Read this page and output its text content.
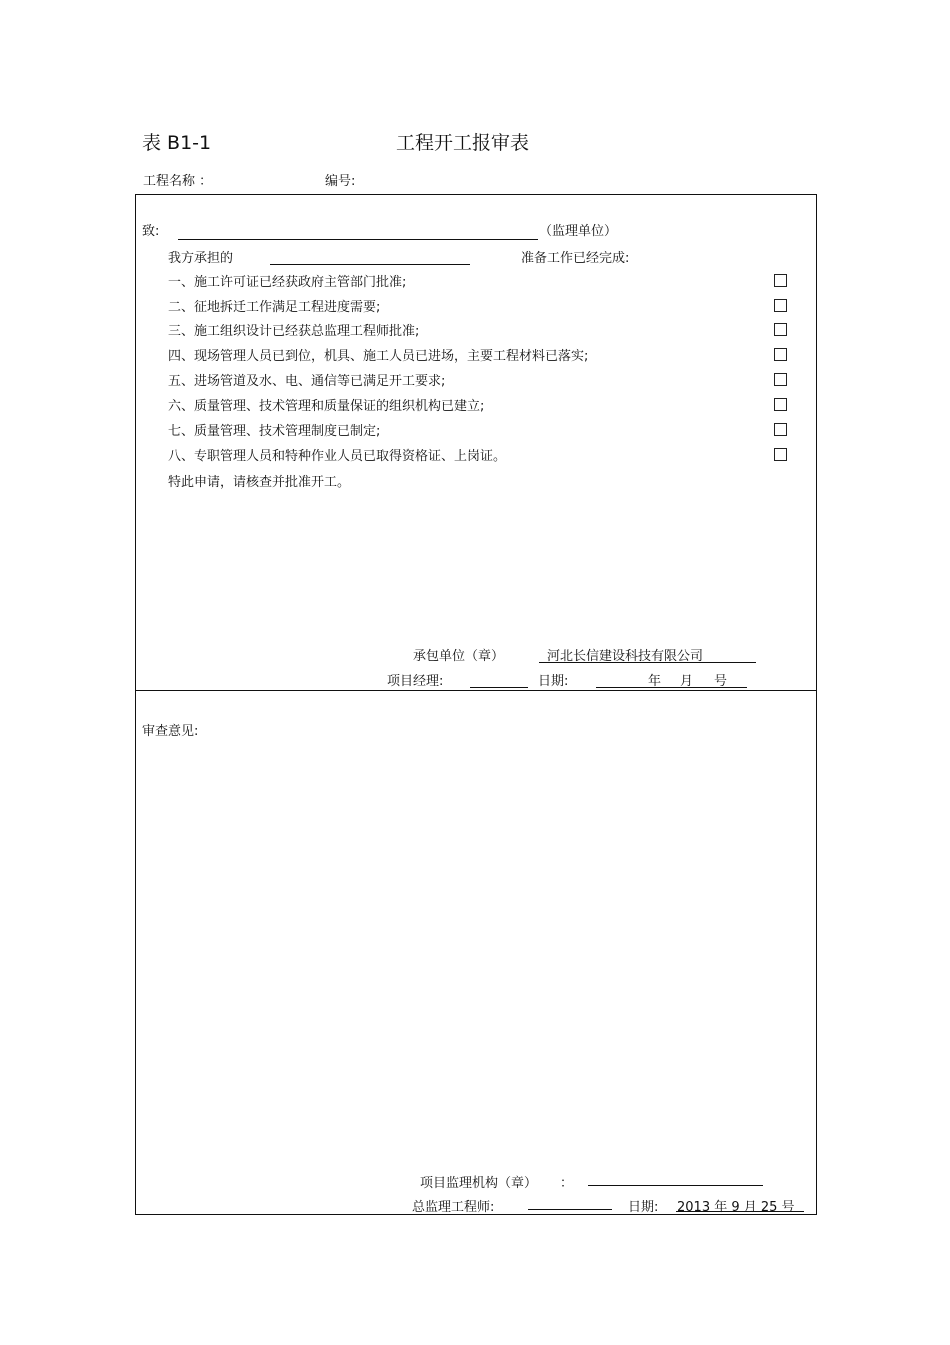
表 B1-1	工程开工报审表
工程名称 ：	编号:
致:	（监理单位）
我方承担的	准备工作已经完成:
一、施工许可证已经获政府主管部门批准;
二、征地拆迁工作满足工程进度需要;
三、施工组织设计已经获总监理工程师批准;
四、现场管理人员已到位，机具、施工人员已进场，主要工程材料已落实;
五、进场管道及水、电、通信等已满足开工要求;
六、质量管理、技术管理和质量保证的组织机构已建立;
七、质量管理、技术管理制度已制定;
八、专职管理人员和特种作业人员已取得资格证、上岗证。
特此申请，请核查并批准开工。
承包单位（章）	河北长信建设科技有限公司
项目经理:	日期:	年 月 号
审查意见:
项目监理机构（章） ：
总监理工程师:	日期: 2013 年 9 月 25 号
